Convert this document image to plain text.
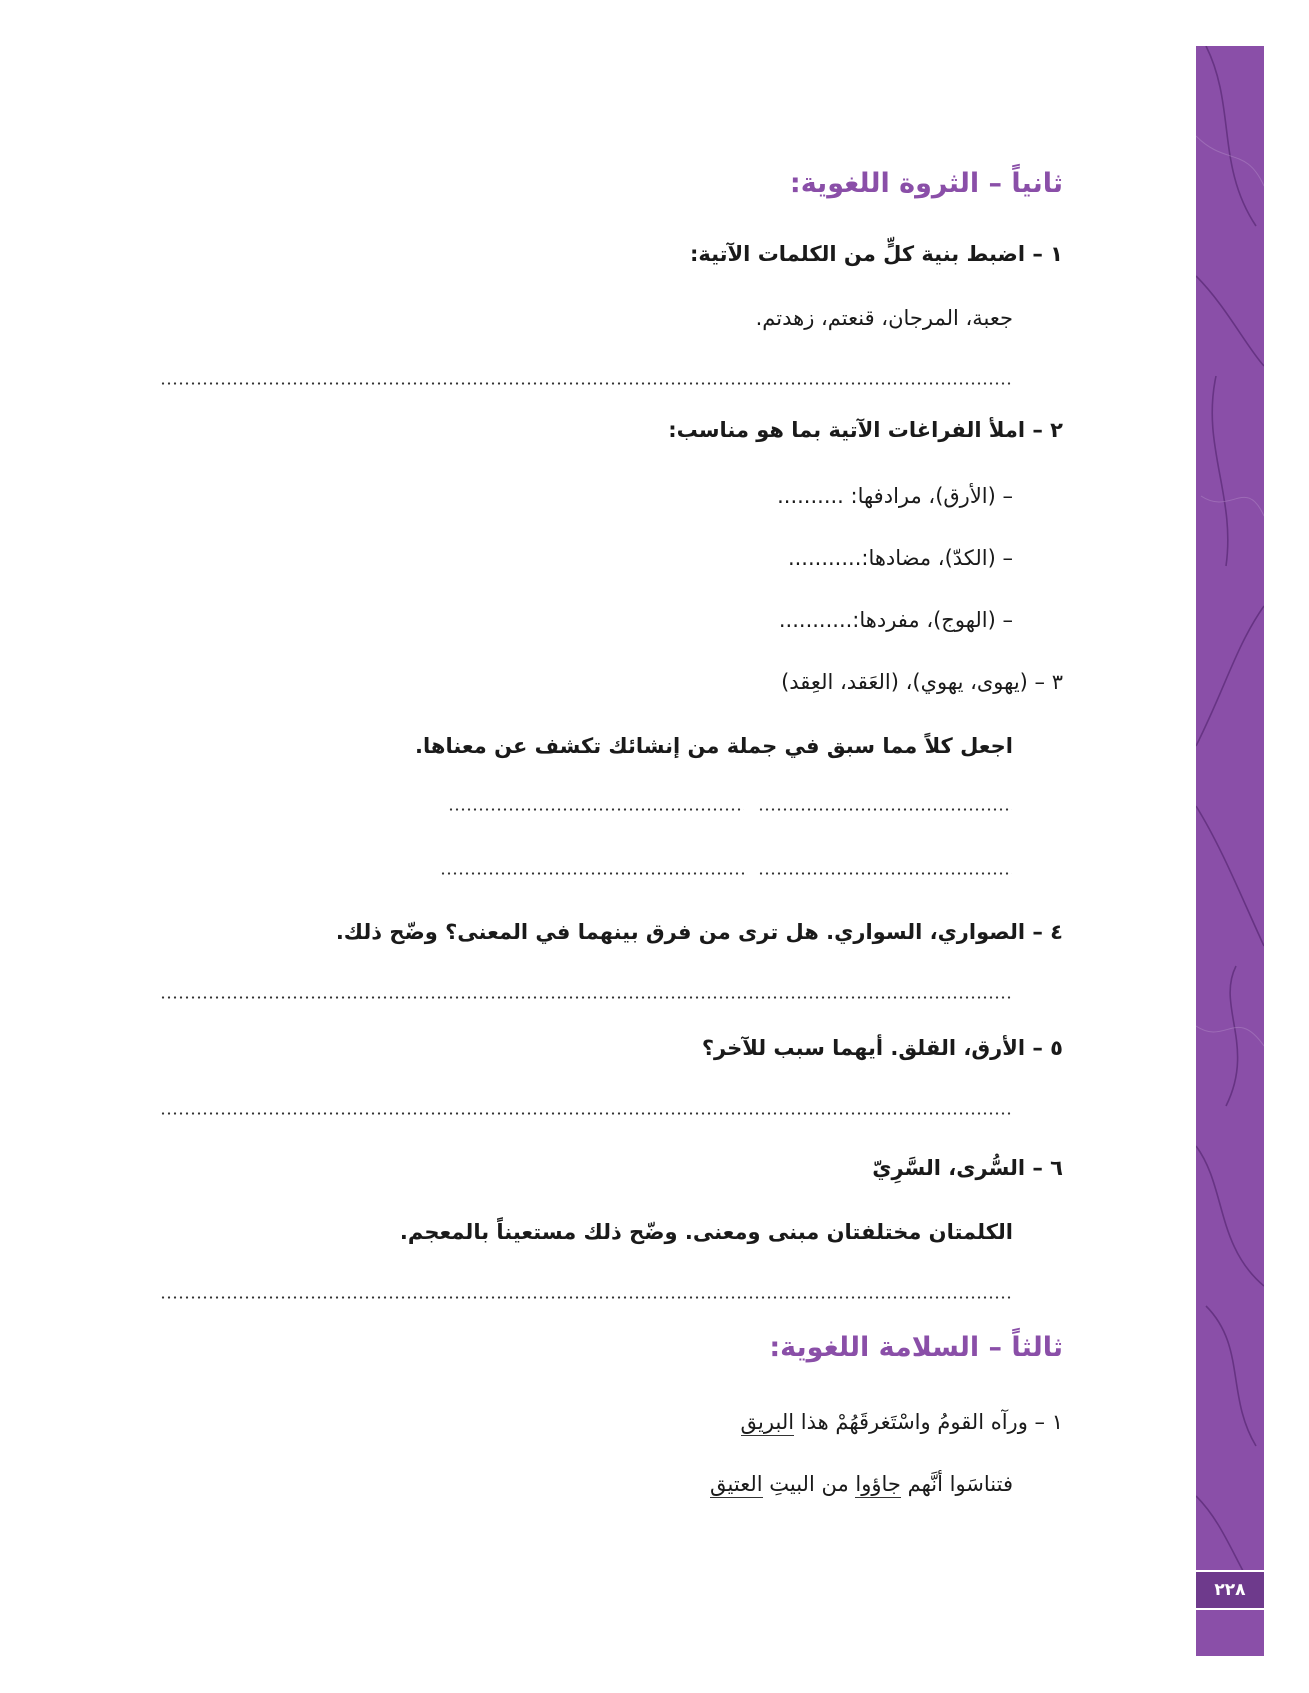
٢٢٨
ثانياً – الثروة اللغوية:
١ – اضبط بنية كلٍّ من الكلمات الآتية:
جعبة، المرجان، قنعتم، زهدتم.
٢ – املأ الفراغات الآتية بما هو مناسب:
– (الأرق)، مرادفها: ..........
– (الكدّ)، مضادها:...........
– (الهوج)، مفردها:...........
٣ – (يهوى، يهوي)، (العَقد، العِقد)
اجعل كلاً مما سبق في جملة من إنشائك تكشف عن معناها.
٤ – الصواري، السواري. هل ترى من فرق بينهما في المعنى؟ وضّح ذلك.
٥ – الأرق، القلق. أيهما سبب للآخر؟
٦ – السُّرى، السَّرِيّ
الكلمتان مختلفتان مبنى ومعنى. وضّح ذلك مستعيناً بالمعجم.
ثالثاً – السلامة اللغوية:
١ – ورآه القومُ واسْتَغرقَهُمْ هذا البريق
فتناسَوا أنَّهم جاؤوا من البيتِ العتيق
